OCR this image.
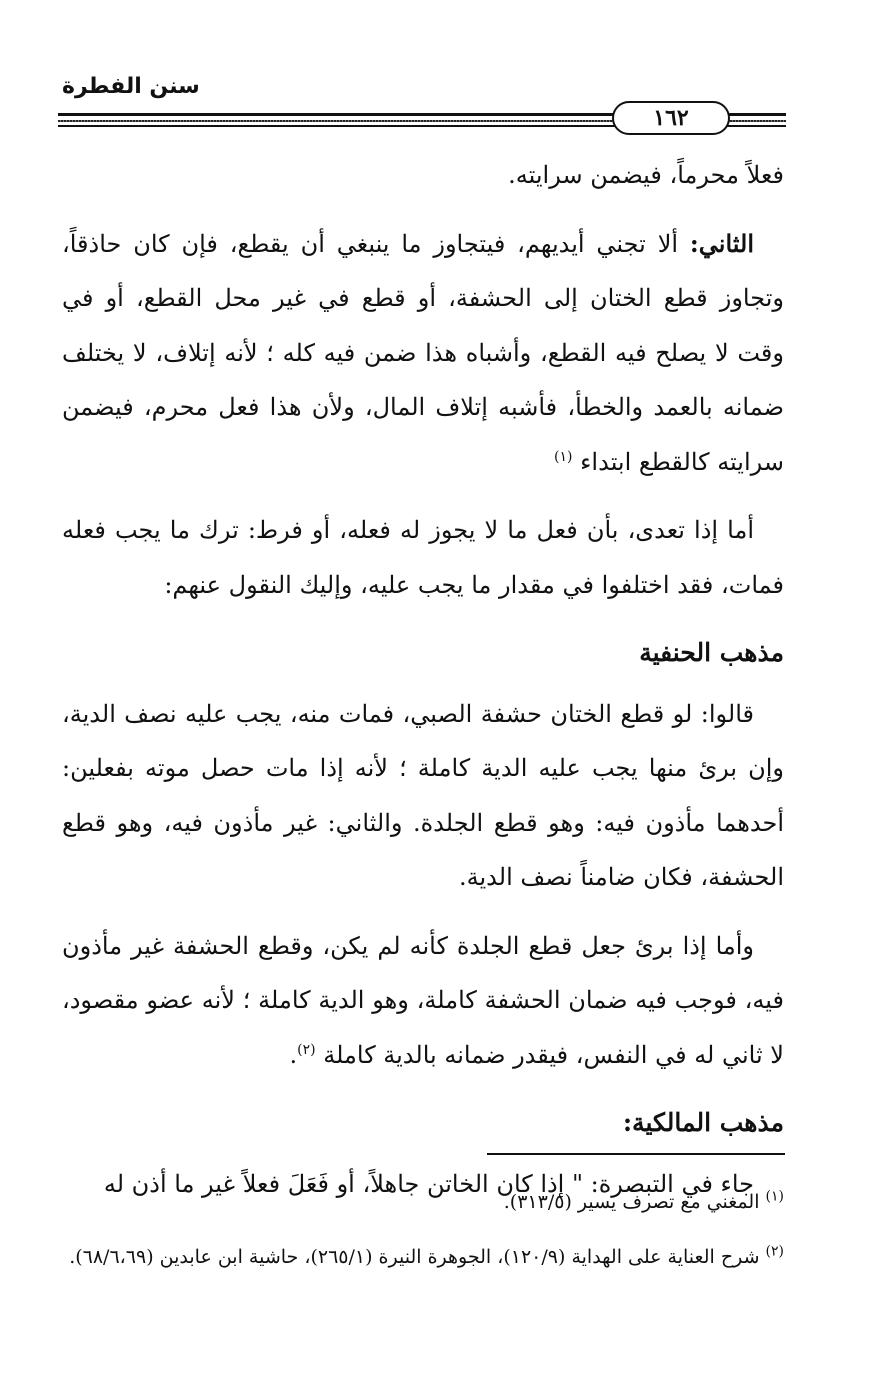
سنن الفطرة
١٦٢

فعلاً محرماً، فيضمن سرايته.

الثاني: ألا تجني أيديهم، فيتجاوز ما ينبغي أن يقطع، فإن كان حاذقاً، وتجاوز قطع الختان إلى الحشفة، أو قطع في غير محل القطع، أو في وقت لا يصلح فيه القطع، وأشباه هذا ضمن فيه كله ؛ لأنه إتلاف، لا يختلف ضمانه بالعمد والخطأ، فأشبه إتلاف المال، ولأن هذا فعل محرم، فيضمن سرايته كالقطع ابتداء $^{(١)}$

أما إذا تعدى، بأن فعل ما لا يجوز له فعله، أو فرط: ترك ما يجب فعله فمات، فقد اختلفوا في مقدار ما يجب عليه، وإليك النقول عنهم:

مذهب الحنفية

قالوا: لو قطع الختان حشفة الصبي، فمات منه، يجب عليه نصف الدية، وإن برئ منها يجب عليه الدية كاملة ؛ لأنه إذا مات حصل موته بفعلين: أحدهما مأذون فيه: وهو قطع الجلدة. والثاني: غير مأذون فيه، وهو قطع الحشفة، فكان ضامناً نصف الدية.

وأما إذا برئ جعل قطع الجلدة كأنه لم يكن، وقطع الحشفة غير مأذون فيه، فوجب فيه ضمان الحشفة كاملة، وهو الدية كاملة ؛ لأنه عضو مقصود، لا ثاني له في النفس، فيقدر ضمانه بالدية كاملة $^{(٢)}$.

مذهب المالكية:

جاء في التبصرة: " إذا كان الخاتن جاهلاً، أو فَعَلَ فعلاً غير ما أذن له $^{(١)}$ المغني مع تصرف يسير (٣١٣/٥).

$^{(٢)}$ شرح العناية على الهداية (١٢٠/٩)، الجوهرة النيرة (٢٦٥/١)، حاشية ابن عابدين (٦٨/٦،٦٩).
